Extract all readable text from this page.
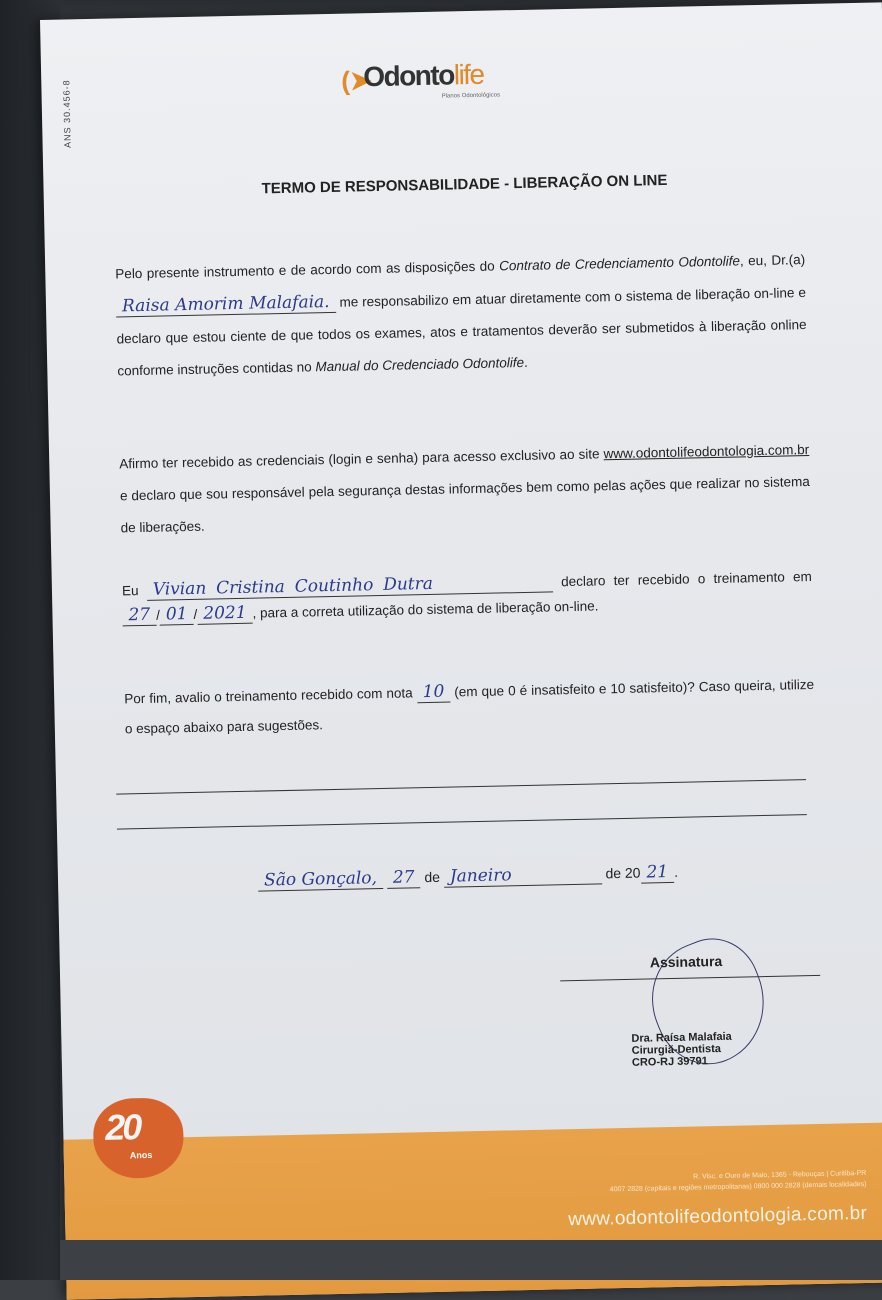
ANS 30.456-8	(➤
Odontolife
Planos Odontológicos
TERMO DE RESPONSABILIDADE - LIBERAÇÃO ON LINE
Pelo presente instrumento e de acordo com as disposições do Contrato de Credenciamento Odontolife, eu, Dr.(a) Raisa Amorim Malafaia. me responsabilizo em atuar diretamente com o sistema de liberação on-line e declaro que estou ciente de que todos os exames, atos e tratamentos deverão ser submetidos à liberação online conforme instruções contidas no Manual do Credenciado Odontolife.
Afirmo ter recebido as credenciais (login e senha) para acesso exclusivo ao site www.odontolifeodontologia.com.br e declaro que sou responsável pela segurança destas informações bem como pelas ações que realizar no sistema de liberações.
Eu Vivian Cristina Coutinho Dutra	declaro ter recebido o treinamento em 27 / 01 / 2021 , para a correta utilização do sistema de liberação on-line.
Por fim, avalio o treinamento recebido com nota 10 (em que 0 é insatisfeito e 10 satisfeito)? Caso queira, utilize o espaço abaixo para sugestões.
São Gonçalo, 27 de Janeiro	de 20 21 .
Assinatura
Dra. Raísa Malafaia
Cirurgiã-Dentista
CRO-RJ 39791
20
Anos
R. Visc. e Ouro de Maio, 1365 - Rebouças | Curitiba-PR
4007 2828 (capitais e regiões metropolitanas) 0800 000 2828 (demais localidades)
www.odontolifeodontologia.com.br
